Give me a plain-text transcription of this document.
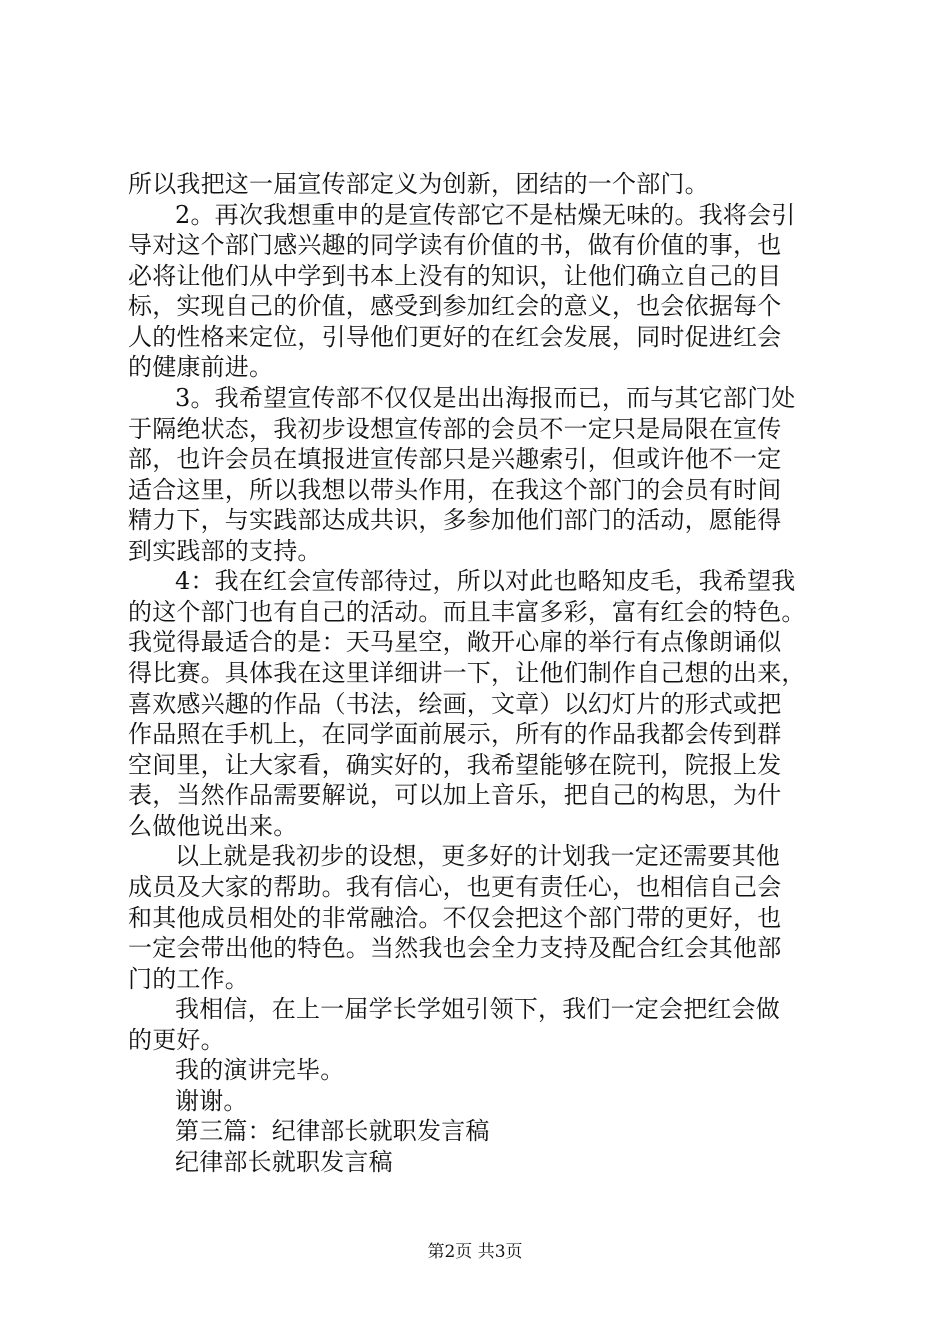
所以我把这一届宣传部定义为创新，团结的一个部门。
2。再次我想重申的是宣传部它不是枯燥无味的。我将会引
导对这个部门感兴趣的同学读有价值的书，做有价值的事，也
必将让他们从中学到书本上没有的知识，让他们确立自己的目
标，实现自己的价值，感受到参加红会的意义，也会依据每个
人的性格来定位，引导他们更好的在红会发展，同时促进红会
的健康前进。
3。我希望宣传部不仅仅是出出海报而已，而与其它部门处
于隔绝状态，我初步设想宣传部的会员不一定只是局限在宣传
部，也许会员在填报进宣传部只是兴趣索引，但或许他不一定
适合这里，所以我想以带头作用，在我这个部门的会员有时间
精力下，与实践部达成共识，多参加他们部门的活动，愿能得
到实践部的支持。
4：我在红会宣传部待过，所以对此也略知皮毛，我希望我
的这个部门也有自己的活动。而且丰富多彩，富有红会的特色。
我觉得最适合的是：天马星空，敞开心扉的举行有点像朗诵似
得比赛。具体我在这里详细讲一下，让他们制作自己想的出来，
喜欢感兴趣的作品（书法，绘画，文章）以幻灯片的形式或把
作品照在手机上，在同学面前展示，所有的作品我都会传到群
空间里，让大家看，确实好的，我希望能够在院刊，院报上发
表，当然作品需要解说，可以加上音乐，把自己的构思，为什
么做他说出来。
以上就是我初步的设想，更多好的计划我一定还需要其他
成员及大家的帮助。我有信心，也更有责任心，也相信自己会
和其他成员相处的非常融洽。不仅会把这个部门带的更好，也
一定会带出他的特色。当然我也会全力支持及配合红会其他部
门的工作。
我相信，在上一届学长学姐引领下，我们一定会把红会做
的更好。
我的演讲完毕。
谢谢。
第三篇：纪律部长就职发言稿
纪律部长就职发言稿
第2页 共3页
